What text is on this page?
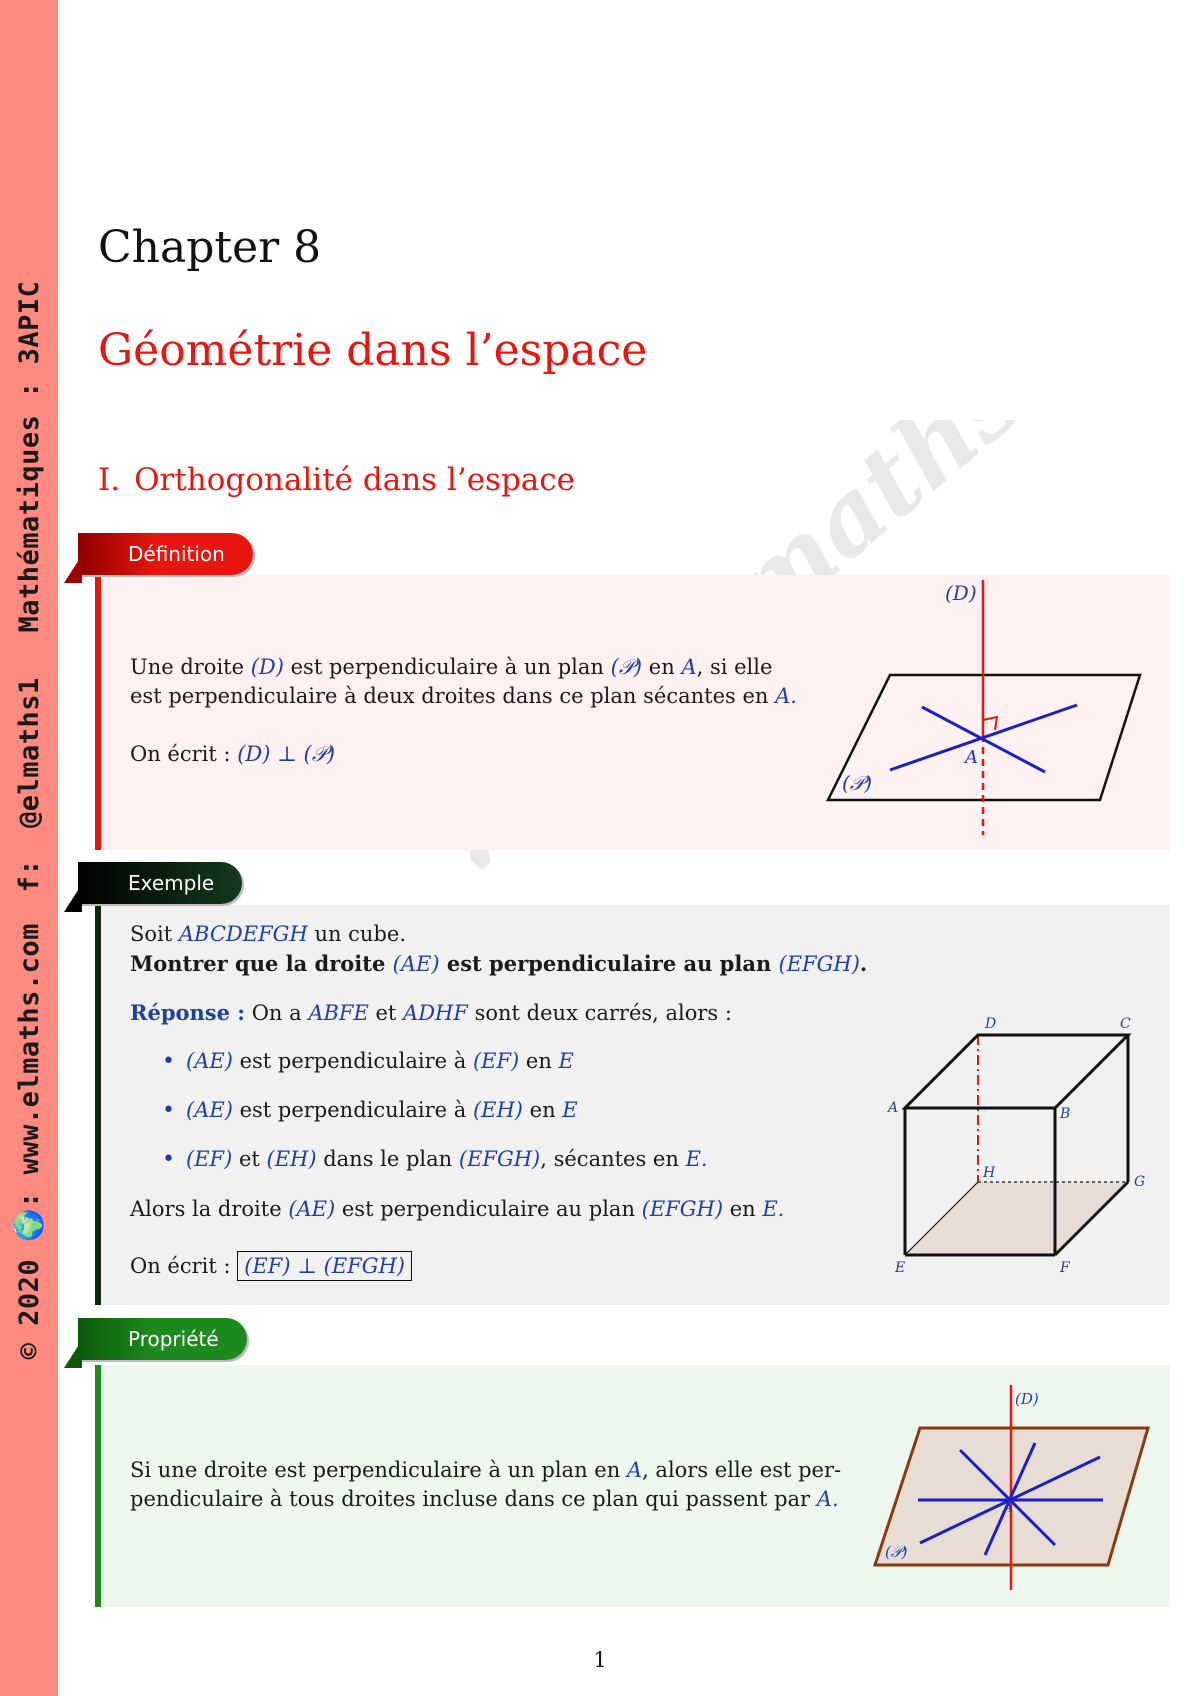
© 2020 🌍: www.elmaths.com f: @elmaths1 Mathématiques : 3APIC
Chapter 8
Géométrie dans l’espace
I. Orthogonalité dans l’espace
Définition
Une droite (D) est perpendiculaire à un plan (𝒫) en A, si elle
est perpendiculaire à deux droites dans ce plan sécantes en A.
On écrit : (D) ⊥ (𝒫)
(D)
A
(𝒫)
Exemple
Soit ABCDEFGH un cube.
Montrer que la droite (AE) est perpendiculaire au plan (EFGH).
Réponse : On a ABFE et ADHF sont deux carrés, alors :
• (AE) est perpendiculaire à (EF) en E
• (AE) est perpendiculaire à (EH) en E
• (EF) et (EH) dans le plan (EFGH), sécantes en E.
Alors la droite (AE) est perpendiculaire au plan (EFGH) en E.
On écrit : (EF) ⊥ (EFGH)
A	B
C
D
E	F
G
H
Propriété
Si une droite est perpendiculaire à un plan en A, alors elle est per-
pendiculaire à tous droites incluse dans ce plan qui passent par A.
(D)
A
(𝒫)
1
